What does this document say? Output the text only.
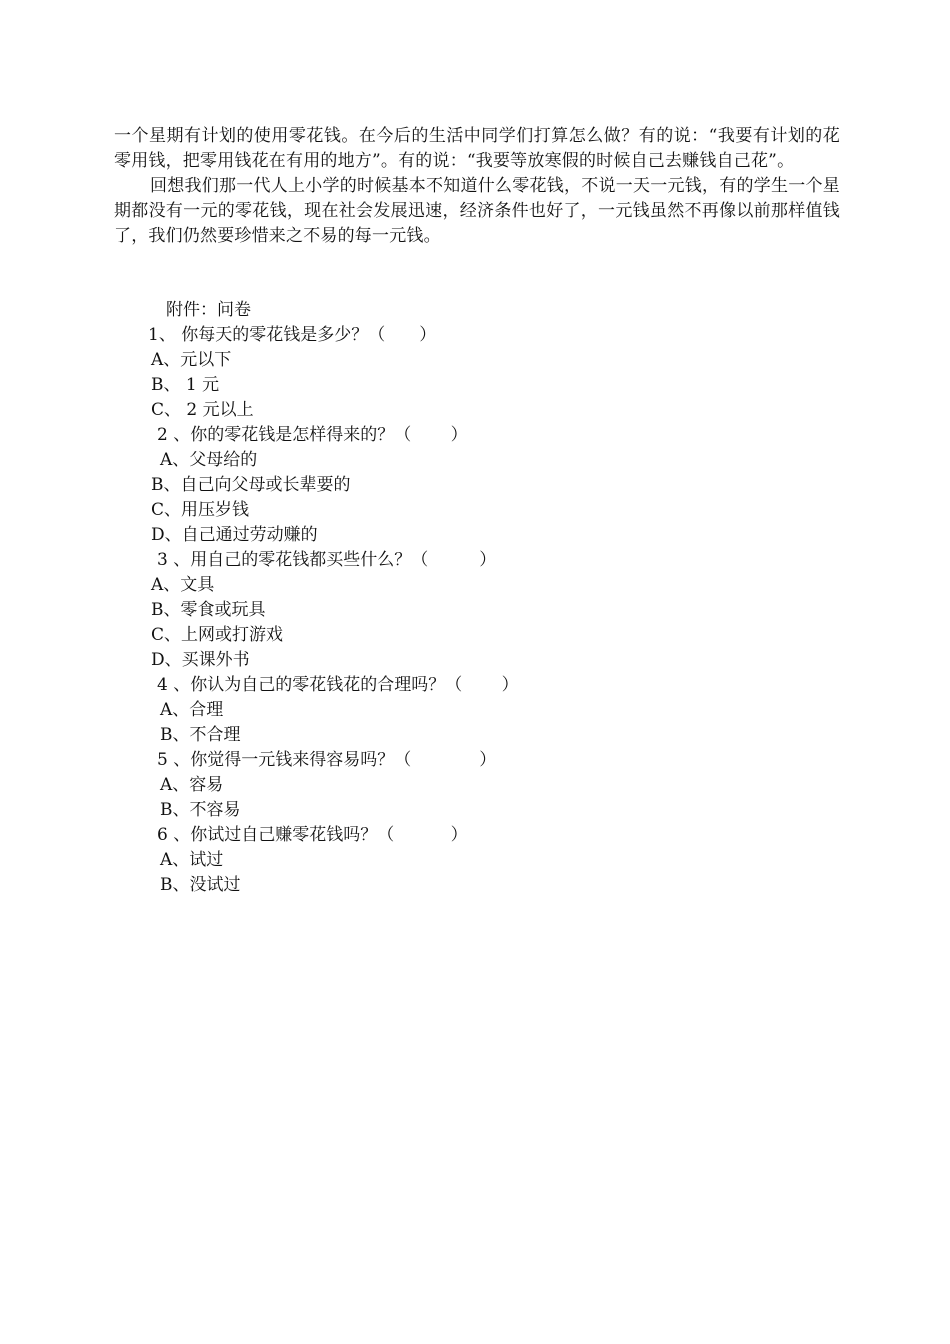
一个星期有计划的使用零花钱。在今后的生活中同学们打算怎么做？有的说：“我要有计划的花零用钱，把零用钱花在有用的地方”。有的说：“我要等放寒假的时候自己去赚钱自己花”。

回想我们那一代人上小学的时候基本不知道什么零花钱，不说一天一元钱，有的学生一个星期都没有一元的零花钱，现在社会发展迅速，经济条件也好了，一元钱虽然不再像以前那样值钱了，我们仍然要珍惜来之不易的每一元钱。

附件：问卷
1、 你每天的零花钱是多少？（　　）
A、元以下
B、 1 元
C、 2 元以上
2 、你的零花钱是怎样得来的？（　　 ）
A、父母给的
B、自己向父母或长辈要的
C、用压岁钱
D、自己通过劳动赚的
3 、用自己的零花钱都买些什么？（　　　）
A、文具
B、零食或玩具
C、上网或打游戏
D、买课外书
4 、你认为自己的零花钱花的合理吗？（　　 ）
A、合理
B、不合理
5 、你觉得一元钱来得容易吗？（　　　　）
A、容易
B、不容易
6 、你试过自己赚零花钱吗？（　　　 ）
A、试过
B、没试过
